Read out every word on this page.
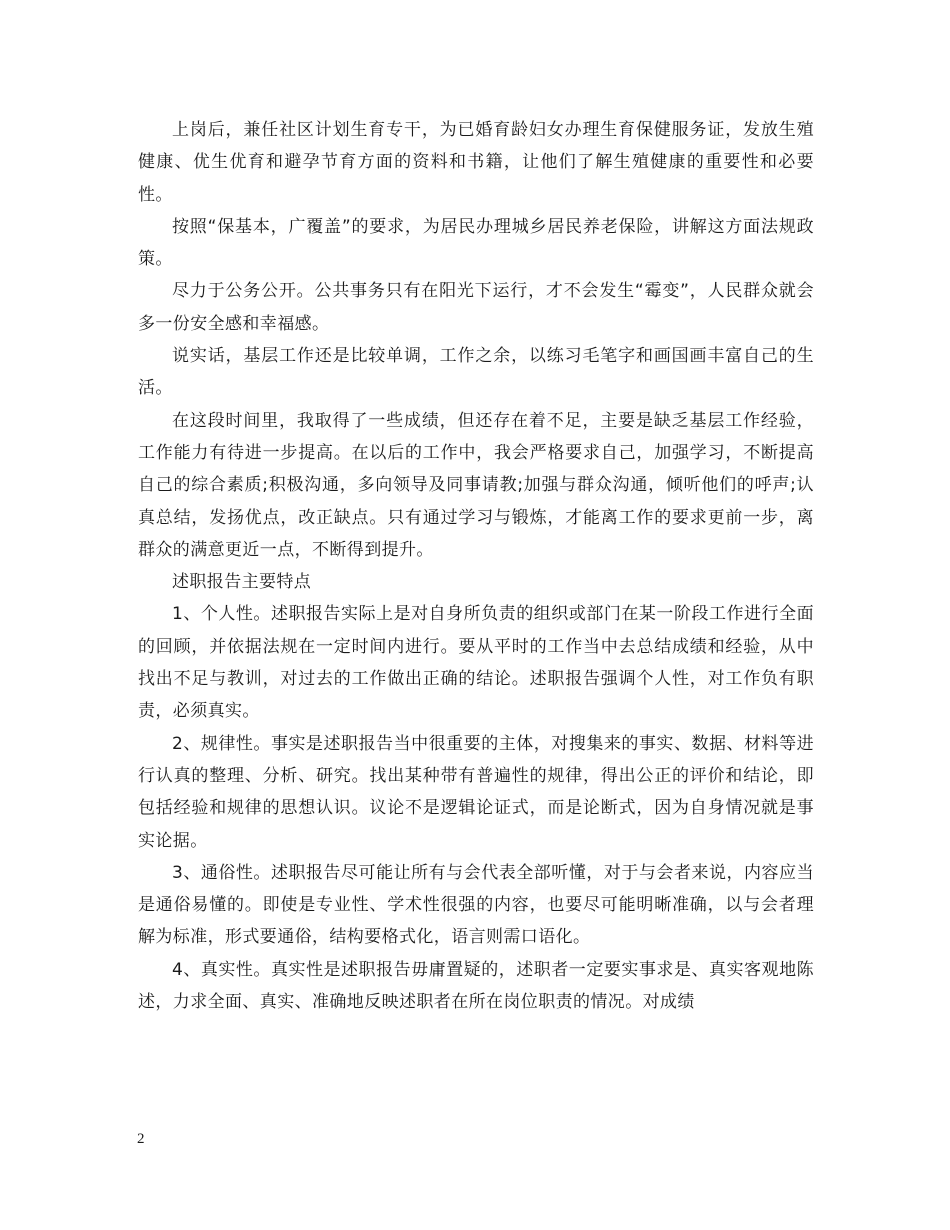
上岗后，兼任社区计划生育专干，为已婚育龄妇女办理生育保健服务证，发放生殖健康、优生优育和避孕节育方面的资料和书籍，让他们了解生殖健康的重要性和必要性。

按照“保基本，广覆盖”的要求，为居民办理城乡居民养老保险，讲解这方面法规政策。

尽力于公务公开。公共事务只有在阳光下运行，才不会发生“霉变”，人民群众就会多一份安全感和幸福感。

说实话，基层工作还是比较单调，工作之余，以练习毛笔字和画国画丰富自己的生活。

在这段时间里，我取得了一些成绩，但还存在着不足，主要是缺乏基层工作经验，工作能力有待进一步提高。在以后的工作中，我会严格要求自己，加强学习，不断提高自己的综合素质;积极沟通，多向领导及同事请教;加强与群众沟通，倾听他们的呼声;认真总结，发扬优点，改正缺点。只有通过学习与锻炼，才能离工作的要求更前一步，离群众的满意更近一点，不断得到提升。

述职报告主要特点

1、个人性。述职报告实际上是对自身所负责的组织或部门在某一阶段工作进行全面的回顾，并依据法规在一定时间内进行。要从平时的工作当中去总结成绩和经验，从中找出不足与教训，对过去的工作做出正确的结论。述职报告强调个人性，对工作负有职责，必须真实。

2、规律性。事实是述职报告当中很重要的主体，对搜集来的事实、数据、材料等进行认真的整理、分析、研究。找出某种带有普遍性的规律，得出公正的评价和结论，即包括经验和规律的思想认识。议论不是逻辑论证式，而是论断式，因为自身情况就是事实论据。

3、通俗性。述职报告尽可能让所有与会代表全部听懂，对于与会者来说，内容应当是通俗易懂的。即使是专业性、学术性很强的内容，也要尽可能明晰准确，以与会者理解为标准，形式要通俗，结构要格式化，语言则需口语化。

4、真实性。真实性是述职报告毋庸置疑的，述职者一定要实事求是、真实客观地陈述，力求全面、真实、准确地反映述职者在所在岗位职责的情况。对成绩

2
